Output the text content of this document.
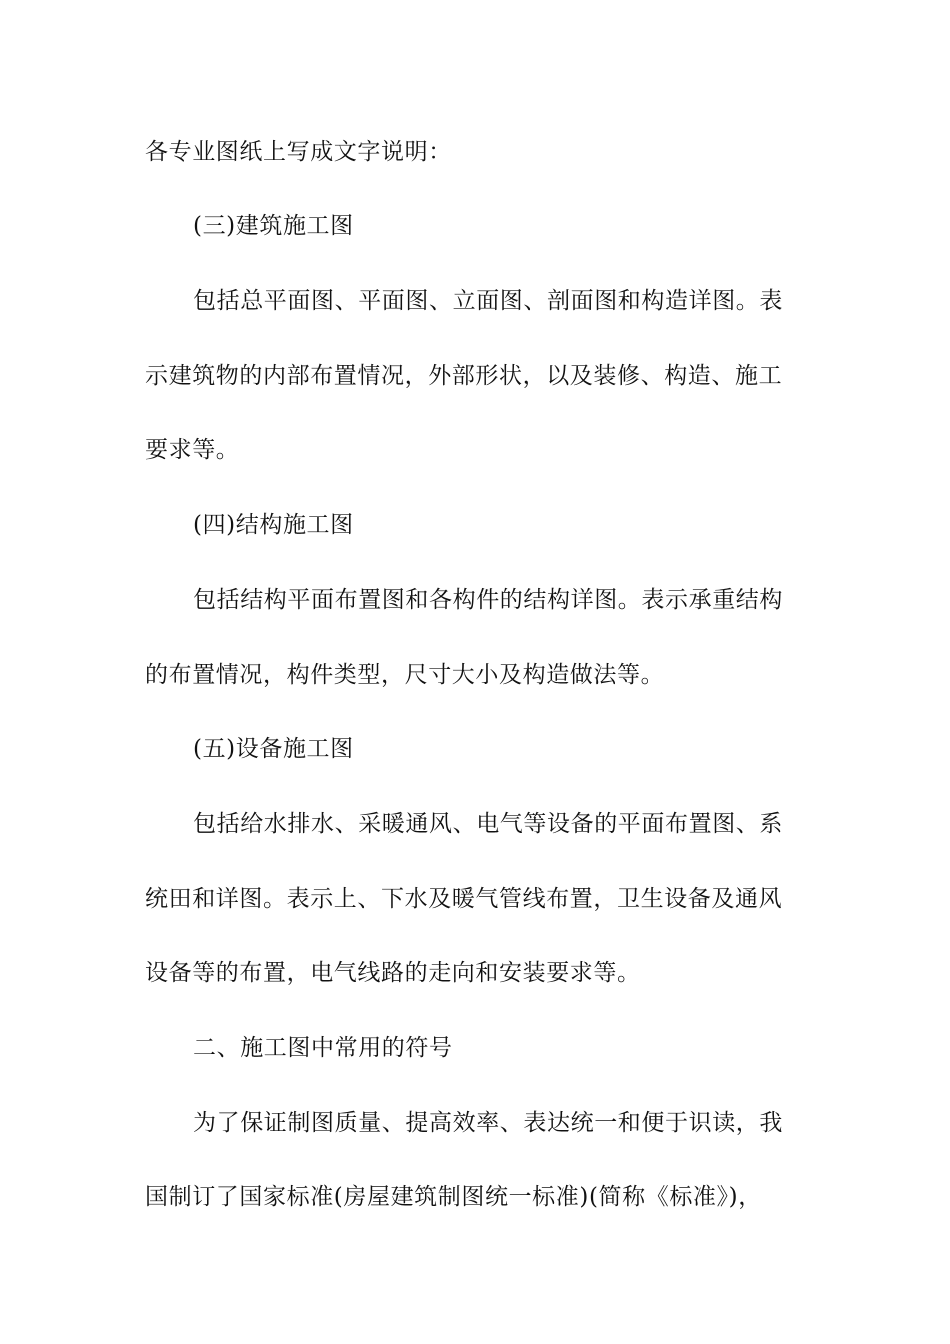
各专业图纸上写成文字说明：
(三)建筑施工图
包括总平面图、平面图、立面图、剖面图和构造详图。表
示建筑物的内部布置情况，外部形状，以及装修、构造、施工
要求等。
(四)结构施工图
包括结构平面布置图和各构件的结构详图。表示承重结构
的布置情况，构件类型，尺寸大小及构造做法等。
(五)设备施工图
包括给水排水、采暖通风、电气等设备的平面布置图、系
统田和详图。表示上、下水及暖气管线布置，卫生设备及通风
设备等的布置，电气线路的走向和安装要求等。
二、施工图中常用的符号
为了保证制图质量、提高效率、表达统一和便于识读，我
国制订了国家标准(房屋建筑制图统一标准)(简称《标准》)，
